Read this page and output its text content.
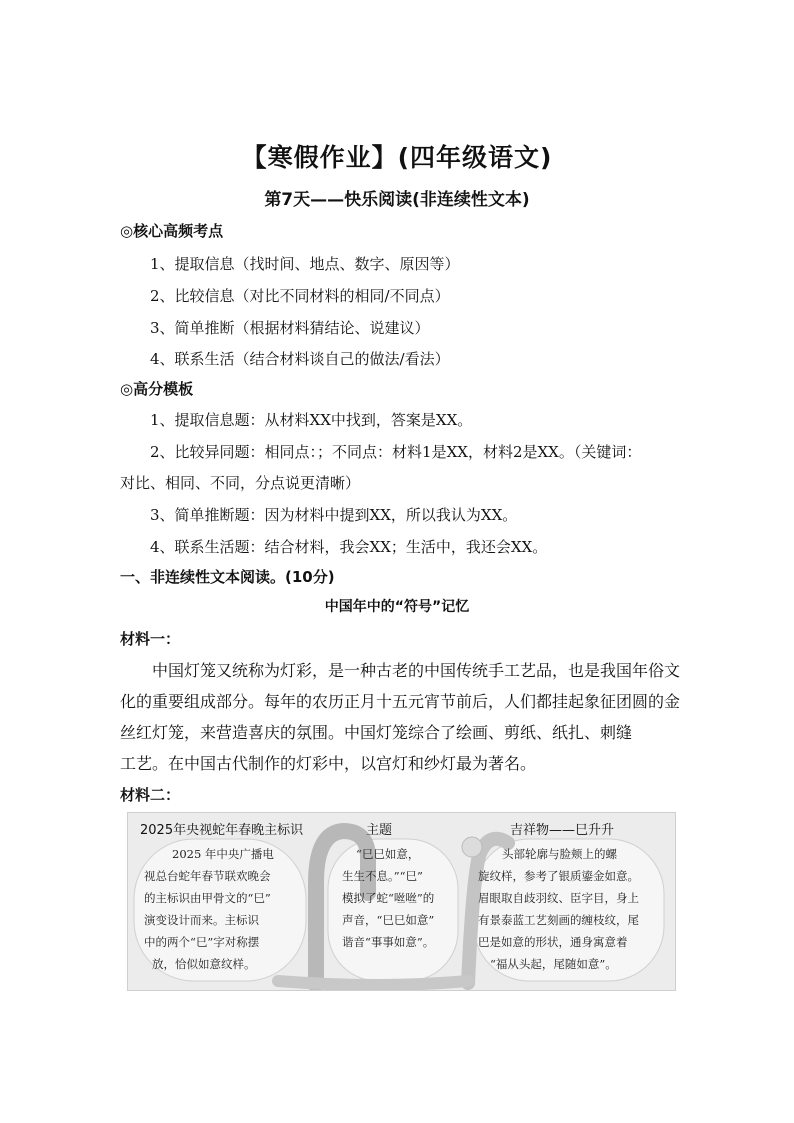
【寒假作业】(四年级语文)
第7天——快乐阅读(非连续性文本)
◎核心高频考点
1、提取信息（找时间、地点、数字、原因等）
2、比较信息（对比不同材料的相同/不同点）
3、简单推断（根据材料猜结论、说建议）
4、联系生活（结合材料谈自己的做法/看法）
◎高分模板
1、提取信息题：从材料XX中找到，答案是XX。
2、比较异同题：相同点：；不同点：材料1是XX，材料2是XX。（关键词：
对比、相同、不同，分点说更清晰）
3、简单推断题：因为材料中提到XX，所以我认为XX。
4、联系生活题：结合材料，我会XX；生活中，我还会XX。
一、非连续性文本阅读。(10分)
中国年中的“符号”记忆
材料一：
中国灯笼又统称为灯彩，是一种古老的中国传统手工艺品，也是我国年俗文
化的重要组成部分。每年的农历正月十五元宵节前后，人们都挂起象征团圆的金
丝红灯笼，来营造喜庆的氛围。中国灯笼综合了绘画、剪纸、纸扎、刺缝
工艺。在中国古代制作的灯彩中，以宫灯和纱灯最为著名。
材料二：
2025年央视蛇年春晚主标识	主题	吉祥物——巳升升
2025 年中央广播电
视总台蛇年春节联欢晚会
的主标识由甲骨文的“巳”
演变设计而来。主标识
中的两个“巳”字对称摆
放，恰似如意纹样。
“巳巳如意，
生生不息。”“巳”
模拟了蛇“咝咝”的
声音，“巳巳如意”
谐音“事事如意”。
头部轮廓与脸颊上的螺
旋纹样，参考了银质鎏金如意。
眉眼取自歧羽纹、臣字目，身上
有景泰蓝工艺刻画的缠枝纹，尾
巴是如意的形状，通身寓意着
“福从头起，尾随如意”。
